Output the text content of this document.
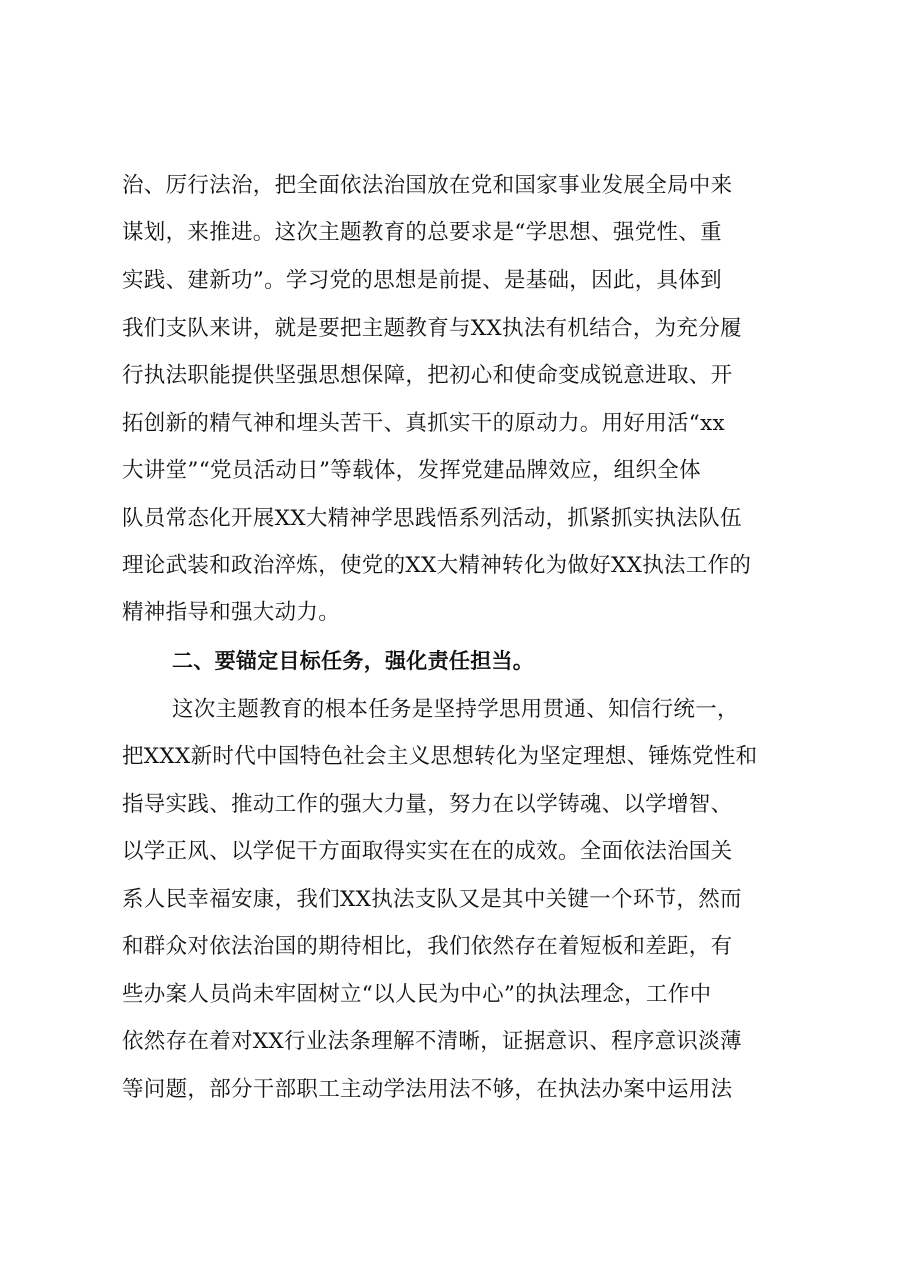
治、厉行法治，把全面依法治国放在党和国家事业发展全局中来
谋划，来推进。这次主题教育的总要求是“学思想、强党性、重
实践、建新功”。学习党的思想是前提、是基础，因此，具体到
我们支队来讲，就是要把主题教育与XX执法有机结合，为充分履
行执法职能提供坚强思想保障，把初心和使命变成锐意进取、开
拓创新的精气神和埋头苦干、真抓实干的原动力。用好用活“xx
大讲堂”“党员活动日”等载体，发挥党建品牌效应，组织全体
队员常态化开展XX大精神学思践悟系列活动，抓紧抓实执法队伍
理论武装和政治淬炼，使党的XX大精神转化为做好XX执法工作的
精神指导和强大动力。
二、要锚定目标任务，强化责任担当。
这次主题教育的根本任务是坚持学思用贯通、知信行统一，
把XXX新时代中国特色社会主义思想转化为坚定理想、锤炼党性和
指导实践、推动工作的强大力量，努力在以学铸魂、以学增智、
以学正风、以学促干方面取得实实在在的成效。全面依法治国关
系人民幸福安康，我们XX执法支队又是其中关键一个环节，然而
和群众对依法治国的期待相比，我们依然存在着短板和差距，有
些办案人员尚未牢固树立“以人民为中心”的执法理念，工作中
依然存在着对XX行业法条理解不清晰，证据意识、程序意识淡薄
等问题，部分干部职工主动学法用法不够，在执法办案中运用法
